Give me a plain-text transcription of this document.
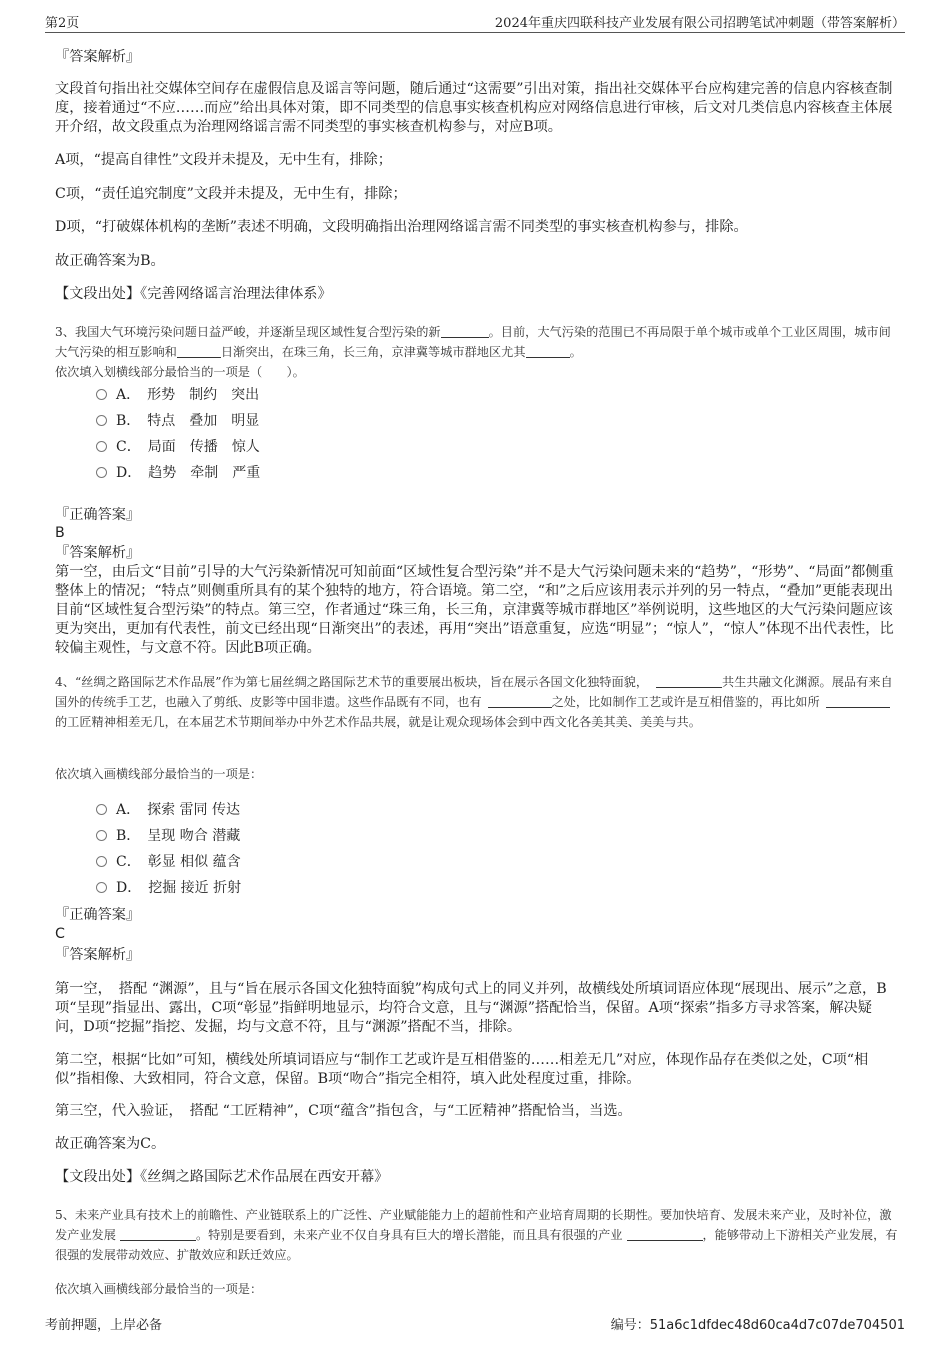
第2页	2024年重庆四联科技产业发展有限公司招聘笔试冲刺题（带答案解析）
『答案解析』
文段首句指出社交媒体空间存在虚假信息及谣言等问题，随后通过“这需要”引出对策，指出社交媒体平台应构建完善的信息内容核查制度，接着通过“不应……而应”给出具体对策，即不同类型的信息事实核查机构应对网络信息进行审核，后文对几类信息内容核查主体展开介绍，故文段重点为治理网络谣言需不同类型的事实核查机构参与，对应B项。
A项，“提高自律性”文段并未提及，无中生有，排除；
C项，“责任追究制度”文段并未提及，无中生有，排除；
D项，“打破媒体机构的垄断”表述不明确，文段明确指出治理网络谣言需不同类型的事实核查机构参与，排除。
故正确答案为B。
【文段出处】《完善网络谣言治理法律体系》
3、我国大气环境污染问题日益严峻，并逐渐呈现区域性复合型污染的新	。目前，大气污染的范围已不再局限于单个城市或单个工业区周围，城市间大气污染的相互影响和	日渐突出，在珠三角，长三角，京津冀等城市群地区尤其	。
依次填入划横线部分最恰当的一项是（　　）。
A．　形势　制约　突出
B．　特点　叠加　明显
C．　局面　传播　惊人
D．　趋势　牵制　严重
『正确答案』
B
『答案解析』
第一空，由后文“目前”引导的大气污染新情况可知前面“区域性复合型污染”并不是大气污染问题未来的“趋势”，“形势”、“局面”都侧重整体上的情况；“特点”则侧重所具有的某个独特的地方，符合语境。第二空，“和”之后应该用表示并列的另一特点，“叠加”更能表现出目前“区域性复合型污染”的特点。第三空，作者通过“珠三角，长三角，京津冀等城市群地区”举例说明，这些地区的大气污染问题应该更为突出，更加有代表性，前文已经出现“日渐突出”的表述，再用“突出”语意重复，应选“明显”；“惊人”，“惊人”体现不出代表性，比较偏主观性，与文意不符。因此B项正确。
4、“丝绸之路国际艺术作品展”作为第七届丝绸之路国际艺术节的重要展出板块，旨在展示各国文化独特面貌，	共生共融文化渊源。展品有来自国外的传统手工艺，也融入了剪纸、皮影等中国非遗。这些作品既有不同，也有	之处，比如制作工艺或许是互相借鉴的，再比如所的工匠精神相差无几，在本届艺术节期间举办中外艺术作品共展，就是让观众现场体会到中西文化各美其美、美美与共。
依次填入画横线部分最恰当的一项是：
A．　探索 雷同 传达
B．　呈现 吻合 潜藏
C．　彰显 相似 蕴含
D．　挖掘 接近 折射
『正确答案』
C
『答案解析』
第一空，　搭配 “渊源”，且与“旨在展示各国文化独特面貌”构成句式上的同义并列，故横线处所填词语应体现“展现出、展示”之意，B项“呈现”指显出、露出，C项“彰显”指鲜明地显示，均符合文意，且与“渊源”搭配恰当，保留。A项“探索”指多方寻求答案，解决疑问，D项“挖掘”指挖、发掘，均与文意不符，且与“渊源”搭配不当，排除。
第二空，根据“比如”可知，横线处所填词语应与“制作工艺或许是互相借鉴的……相差无几”对应，体现作品存在类似之处，C项“相似”指相像、大致相同，符合文意，保留。B项“吻合”指完全相符，填入此处程度过重，排除。
第三空，代入验证，　搭配 “工匠精神”，C项“蕴含”指包含，与“工匠精神”搭配恰当，当选。
故正确答案为C。
【文段出处】《丝绸之路国际艺术作品展在西安开幕》
5、未来产业具有技术上的前瞻性、产业链联系上的广泛性、产业赋能能力上的超前性和产业培育周期的长期性。要加快培育、发展未来产业，及时补位，激发产业发展	。特别是要看到，未来产业不仅自身具有巨大的增长潜能，而且具有很强的产业	，能够带动上下游相关产业发展，有很强的发展带动效应、扩散效应和跃迁效应。
依次填入画横线部分最恰当的一项是：
考前押题，上岸必备	编号：51a6c1dfdec48d60ca4d7c07de704501
